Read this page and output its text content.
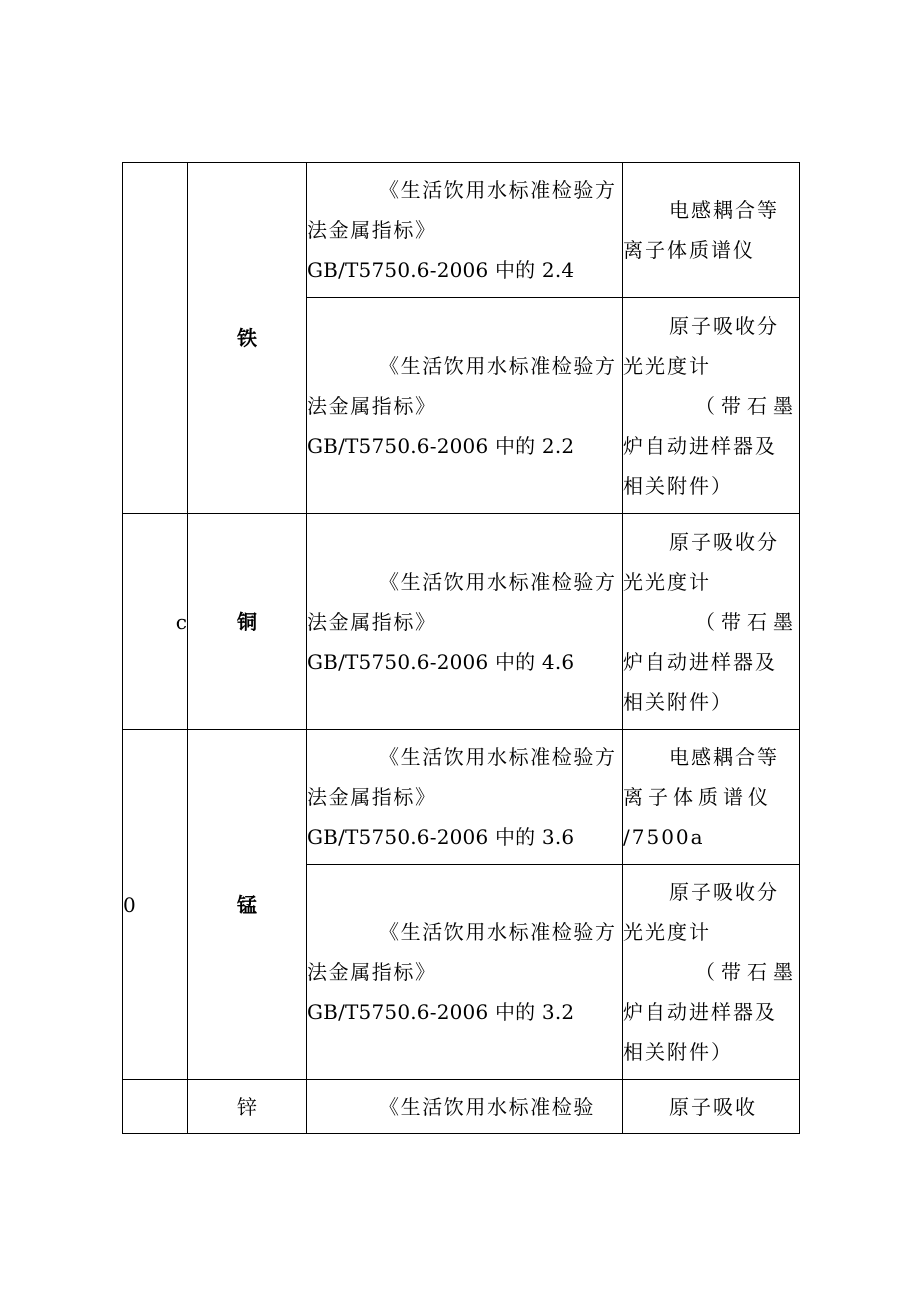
	铁	《生活饮用水标准检验方
法金属指标》
GB/T5750.6-2006 中的 2.4	电感耦合等
离子体质谱仪

		《生活饮用水标准检验方
法金属指标》
GB/T5750.6-2006 中的 2.2	原子吸收分
光光度计
（带石墨
炉自动进样器及
相关附件）

c	铜	《生活饮用水标准检验方
法金属指标》
GB/T5750.6-2006 中的 4.6	原子吸收分
光光度计
（带石墨
炉自动进样器及
相关附件）

0	锰	《生活饮用水标准检验方
法金属指标》
GB/T5750.6-2006 中的 3.6	电感耦合等
离子体质谱仪
/7500a

		《生活饮用水标准检验方
法金属指标》
GB/T5750.6-2006 中的 3.2	原子吸收分
光光度计
（带石墨
炉自动进样器及
相关附件）

	锌	《生活饮用水标准检验	原子吸收
